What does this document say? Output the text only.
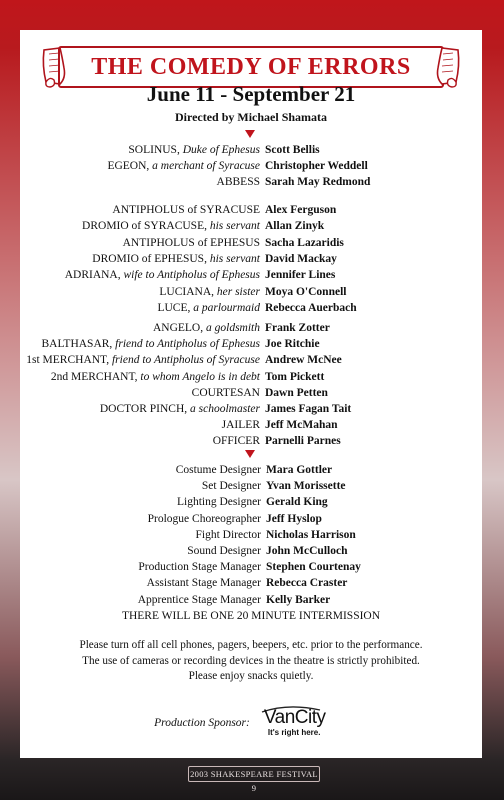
THE COMEDY OF ERRORS
June 11 - September 21
Directed by Michael Shamata
SOLINUS, Duke of Ephesus Scott Bellis
EGEON, a merchant of Syracuse Christopher Weddell
ABBESS Sarah May Redmond
ANTIPHOLUS of SYRACUSE Alex Ferguson
DROMIO of SYRACUSE, his servant Allan Zinyk
ANTIPHOLUS of EPHESUS Sacha Lazaridis
DROMIO of EPHESUS, his servant David Mackay
ADRIANA, wife to Antipholus of Ephesus Jennifer Lines
LUCIANA, her sister Moya O'Connell
LUCE, a parlourmaid Rebecca Auerbach
ANGELO, a goldsmith Frank Zotter
BALTHASAR, friend to Antipholus of Ephesus Joe Ritchie
1st MERCHANT, friend to Antipholus of Syracuse Andrew McNee
2nd MERCHANT, to whom Angelo is in debt Tom Pickett
COURTESAN Dawn Petten
DOCTOR PINCH, a schoolmaster James Fagan Tait
JAILER Jeff McMahan
OFFICER Parnelli Parnes
Costume Designer Mara Gottler
Set Designer Yvan Morissette
Lighting Designer Gerald King
Prologue Choreographer Jeff Hyslop
Fight Director Nicholas Harrison
Sound Designer John McCulloch
Production Stage Manager Stephen Courtenay
Assistant Stage Manager Rebecca Craster
Apprentice Stage Manager Kelly Barker
THERE WILL BE ONE 20 MINUTE INTERMISSION
Please turn off all cell phones, pagers, beepers, etc. prior to the performance.
The use of cameras or recording devices in the theatre is strictly prohibited.
Please enjoy snacks quietly.
Production Sponsor: VanCity
It's right here.
2003 SHAKESPEARE FESTIVAL 9
